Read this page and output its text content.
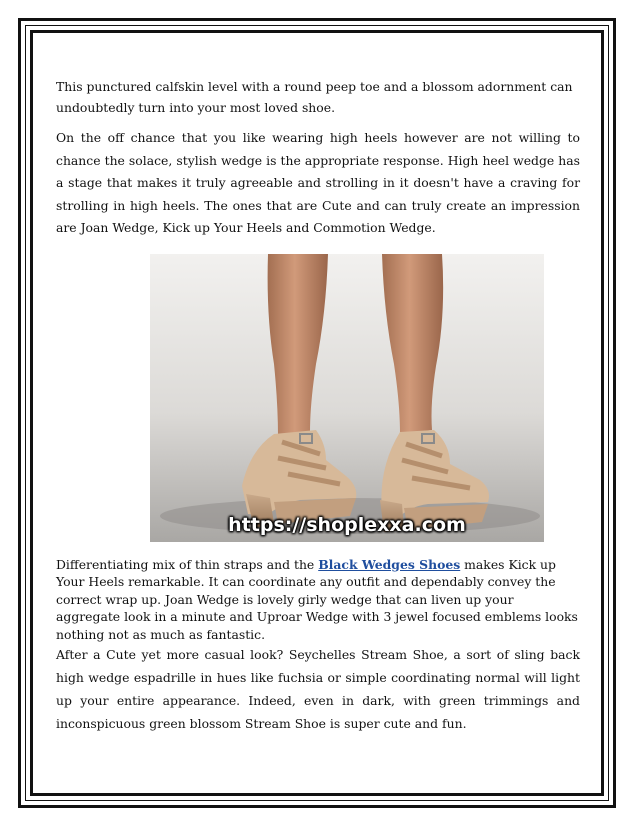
This punctured calfskin level with a round peep toe and a blossom adornment can undoubtedly turn into your most loved shoe.

On the off chance that you like wearing high heels however are not willing to chance the solace, stylish wedge is the appropriate response. High heel wedge has a stage that makes it truly agreeable and strolling in it doesn't have a craving for strolling in high heels. The ones that are Cute and can truly create an impression are Joan Wedge, Kick up Your Heels and Commotion Wedge.

https://shoplexxa.com

Differentiating mix of thin straps and the Black Wedges Shoes makes Kick up Your Heels remarkable. It can coordinate any outfit and dependably convey the correct wrap up. Joan Wedge is lovely girly wedge that can liven up your aggregate look in a minute and Uproar Wedge with 3 jewel focused emblems looks nothing not as much as fantastic.

After a Cute yet more casual look? Seychelles Stream Shoe, a sort of sling back high wedge espadrille in hues like fuchsia or simple coordinating normal will light up your entire appearance. Indeed, even in dark, with green trimmings and inconspicuous green blossom Stream Shoe is super cute and fun.
